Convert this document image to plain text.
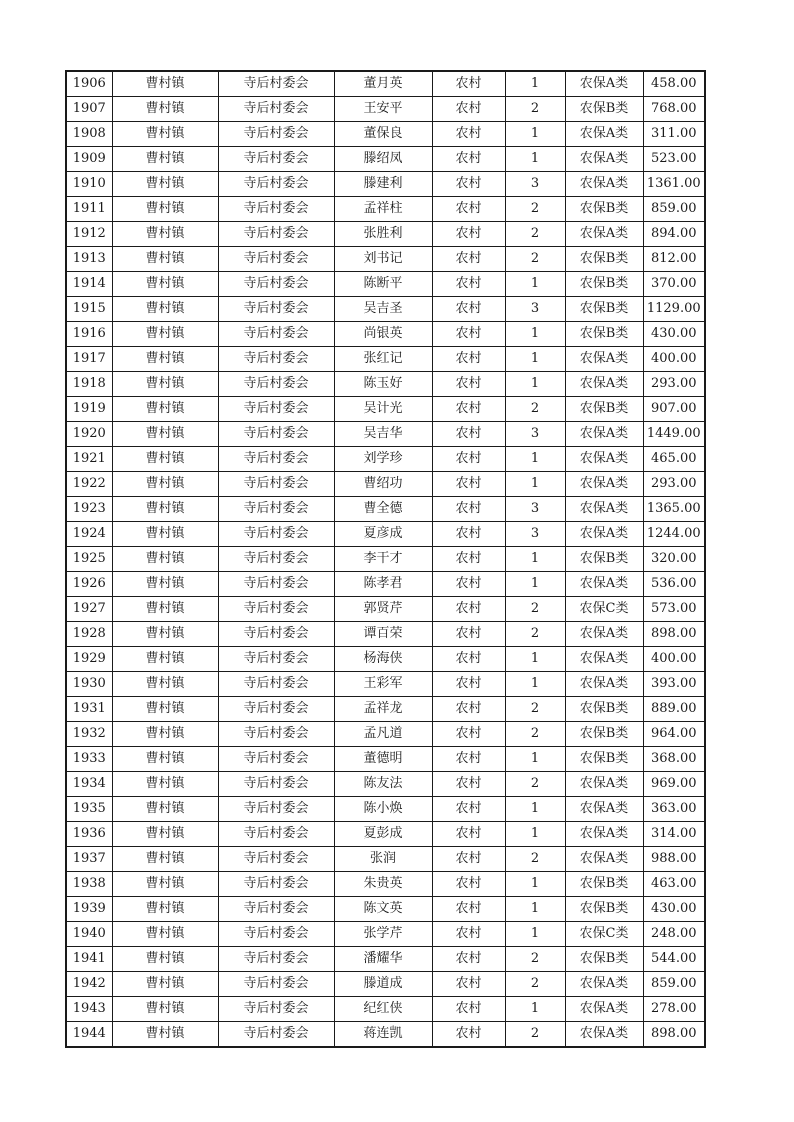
1906	曹村镇	寺后村委会	董月英	农村	1	农保A类	458.00
1907	曹村镇	寺后村委会	王安平	农村	2	农保B类	768.00
1908	曹村镇	寺后村委会	董保良	农村	1	农保A类	311.00
1909	曹村镇	寺后村委会	滕绍凤	农村	1	农保A类	523.00
1910	曹村镇	寺后村委会	滕建利	农村	3	农保A类	1361.00
1911	曹村镇	寺后村委会	孟祥柱	农村	2	农保B类	859.00
1912	曹村镇	寺后村委会	张胜利	农村	2	农保A类	894.00
1913	曹村镇	寺后村委会	刘书记	农村	2	农保B类	812.00
1914	曹村镇	寺后村委会	陈断平	农村	1	农保B类	370.00
1915	曹村镇	寺后村委会	吴吉圣	农村	3	农保B类	1129.00
1916	曹村镇	寺后村委会	尚银英	农村	1	农保B类	430.00
1917	曹村镇	寺后村委会	张红记	农村	1	农保A类	400.00
1918	曹村镇	寺后村委会	陈玉好	农村	1	农保A类	293.00
1919	曹村镇	寺后村委会	吴计光	农村	2	农保B类	907.00
1920	曹村镇	寺后村委会	吴吉华	农村	3	农保A类	1449.00
1921	曹村镇	寺后村委会	刘学珍	农村	1	农保A类	465.00
1922	曹村镇	寺后村委会	曹绍功	农村	1	农保A类	293.00
1923	曹村镇	寺后村委会	曹全德	农村	3	农保A类	1365.00
1924	曹村镇	寺后村委会	夏彦成	农村	3	农保A类	1244.00
1925	曹村镇	寺后村委会	李干才	农村	1	农保B类	320.00
1926	曹村镇	寺后村委会	陈孝君	农村	1	农保A类	536.00
1927	曹村镇	寺后村委会	郭贤芹	农村	2	农保C类	573.00
1928	曹村镇	寺后村委会	谭百荣	农村	2	农保A类	898.00
1929	曹村镇	寺后村委会	杨海侠	农村	1	农保A类	400.00
1930	曹村镇	寺后村委会	王彩军	农村	1	农保A类	393.00
1931	曹村镇	寺后村委会	孟祥龙	农村	2	农保B类	889.00
1932	曹村镇	寺后村委会	孟凡道	农村	2	农保B类	964.00
1933	曹村镇	寺后村委会	董德明	农村	1	农保B类	368.00
1934	曹村镇	寺后村委会	陈友法	农村	2	农保A类	969.00
1935	曹村镇	寺后村委会	陈小焕	农村	1	农保A类	363.00
1936	曹村镇	寺后村委会	夏彭成	农村	1	农保A类	314.00
1937	曹村镇	寺后村委会	张润	农村	2	农保A类	988.00
1938	曹村镇	寺后村委会	朱贵英	农村	1	农保B类	463.00
1939	曹村镇	寺后村委会	陈文英	农村	1	农保B类	430.00
1940	曹村镇	寺后村委会	张学芹	农村	1	农保C类	248.00
1941	曹村镇	寺后村委会	潘耀华	农村	2	农保B类	544.00
1942	曹村镇	寺后村委会	滕道成	农村	2	农保A类	859.00
1943	曹村镇	寺后村委会	纪红侠	农村	1	农保A类	278.00
1944	曹村镇	寺后村委会	蒋连凯	农村	2	农保A类	898.00
